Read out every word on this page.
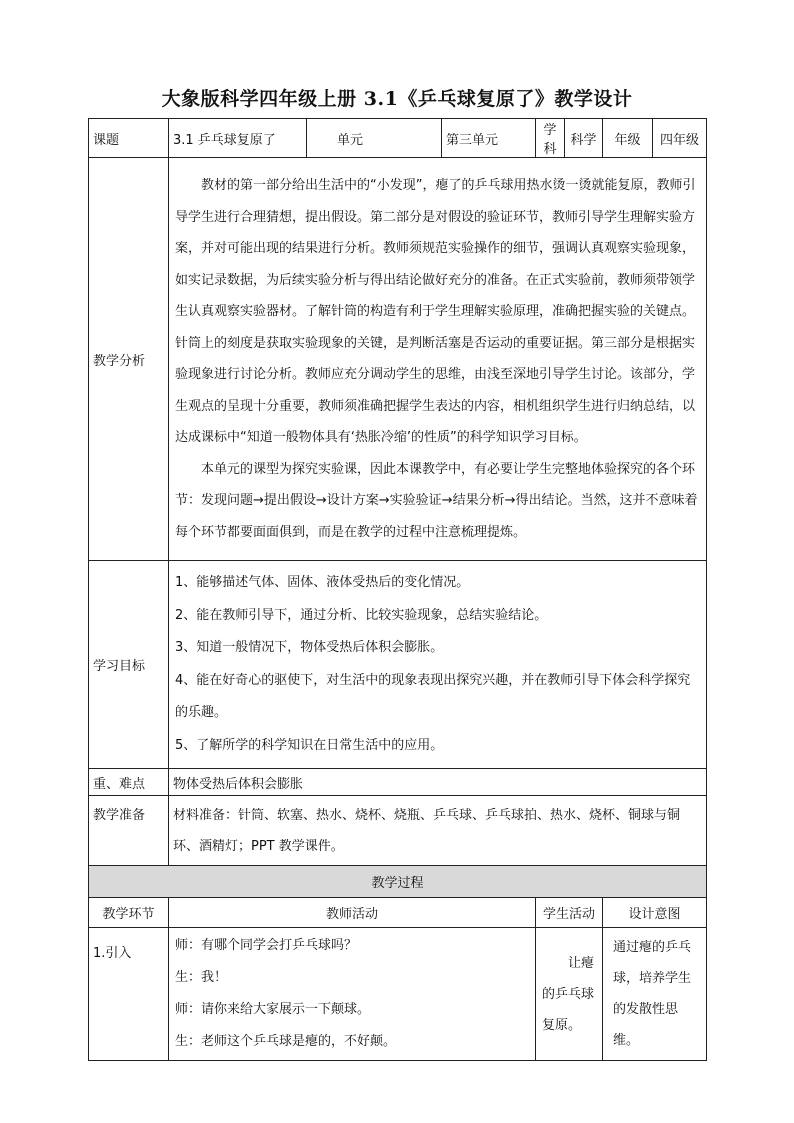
大象版科学四年级上册 3.1《乒乓球复原了》教学设计
课题	3.1 乒乓球复原了	单元	第三单元	学科	科学	年级	四年级

教学分析	教材的第一部分给出生活中的“小发现”，瘪了的乒乓球用热水烫一烫就能复原，教师引导学生进行合理猜想，提出假设。第二部分是对假设的验证环节，教师引导学生理解实验方案，并对可能出现的结果进行分析。教师须规范实验操作的细节，强调认真观察实验现象，如实记录数据，为后续实验分析与得出结论做好充分的准备。在正式实验前，教师须带领学生认真观察实验器材。了解针筒的构造有利于学生理解实验原理，准确把握实验的关键点。针筒上的刻度是获取实验现象的关键，是判断活塞是否运动的重要证据。第三部分是根据实验现象进行讨论分析。教师应充分调动学生的思维，由浅至深地引导学生讨论。该部分，学生观点的呈现十分重要，教师须准确把握学生表达的内容，相机组织学生进行归纳总结，以达成课标中“知道一般物体具有‘热胀冷缩’的性质”的科学知识学习目标。

本单元的课型为探究实验课，因此本课教学中，有必要让学生完整地体验探究的各个环节：发现问题→提出假设→设计方案→实验验证→结果分析→得出结论。当然，这并不意味着每个环节都要面面俱到，而是在教学的过程中注意梳理提炼。						

学习目标	1、能够描述气体、固体、液体受热后的变化情况。

2、能在教师引导下，通过分析、比较实验现象，总结实验结论。

3、知道一般情况下，物体受热后体积会膨胀。

4、能在好奇心的驱使下，对生活中的现象表现出探究兴趣，并在教师引导下体会科学探究的乐趣。

5、了解所学的科学知识在日常生活中的应用。						

重、难点	物体受热后体积会膨胀						
教学准备	材料准备：针筒、软塞、热水、烧杯、烧瓶、乒乓球、乒乓球拍、热水、烧杯、铜球与铜环、酒精灯；PPT 教学课件。						
教学过程							
教学环节	教师活动			学生活动		设计意图	
1.引入	师：有哪个同学会打乒乓球吗？

生：我！

师：请你来给大家展示一下颠球。

生：老师这个乒乓球是瘪的，不好颠。			让瘪的乒乓球复原。		通过瘪的乒乓球，培养学生的发散性思维。	
